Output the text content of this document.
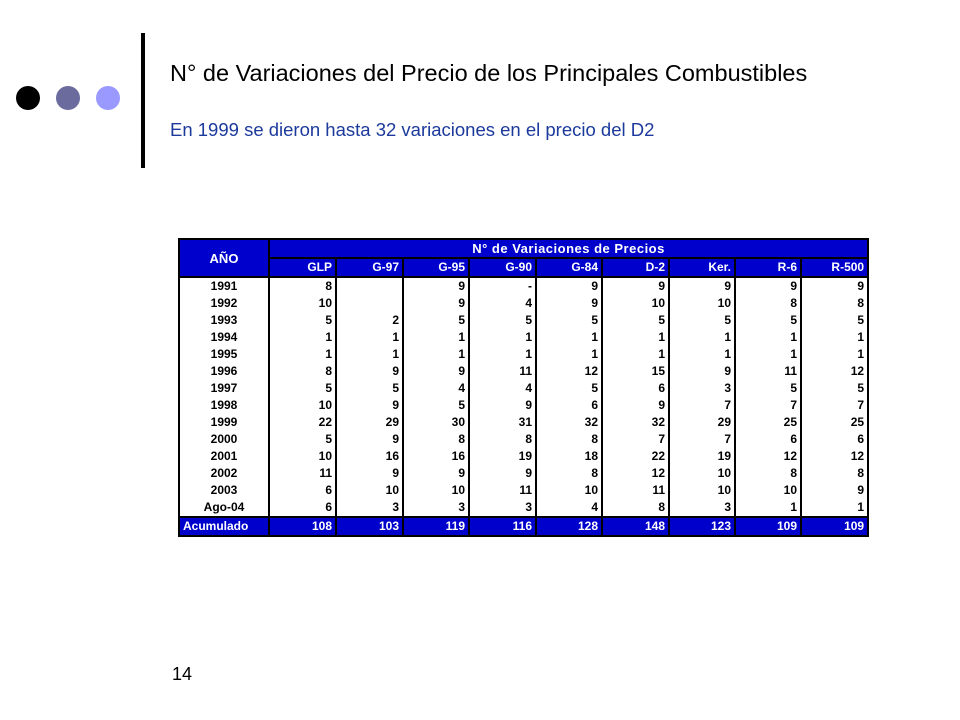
N° de Variaciones del Precio de los Principales Combustibles
En 1999 se dieron hasta 32 variaciones en el precio del D2
AÑO	N° de Variaciones de Precios								
	GLP	G-97	G-95	G-90	G-84	D-2	Ker.	R-6	R-500
1991	8		9	-	9	9	9	9	9
1992	10		9	4	9	10	10	8	8
1993	5	2	5	5	5	5	5	5	5
1994	1	1	1	1	1	1	1	1	1
1995	1	1	1	1	1	1	1	1	1
1996	8	9	9	11	12	15	9	11	12
1997	5	5	4	4	5	6	3	5	5
1998	10	9	5	9	6	9	7	7	7
1999	22	29	30	31	32	32	29	25	25
2000	5	9	8	8	8	7	7	6	6
2001	10	16	16	19	18	22	19	12	12
2002	11	9	9	9	8	12	10	8	8
2003	6	10	10	11	10	11	10	10	9
Ago-04	6	3	3	3	4	8	3	1	1
Acumulado	108	103	119	116	128	148	123	109	109
14
